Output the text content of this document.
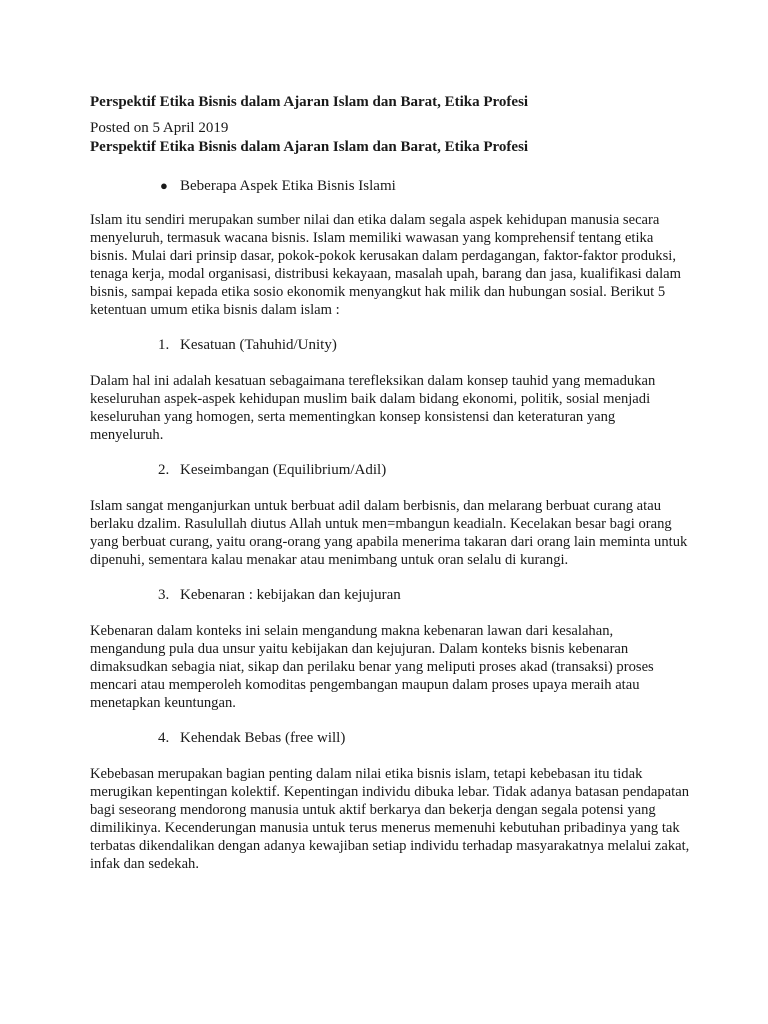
Perspektif Etika Bisnis dalam Ajaran Islam dan Barat, Etika Profesi

Posted on 5 April 2019

Perspektif Etika Bisnis dalam Ajaran Islam dan Barat, Etika Profesi
● Beberapa Aspek Etika Bisnis Islami

Islam itu sendiri merupakan sumber nilai dan etika dalam segala aspek kehidupan manusia secara menyeluruh, termasuk wacana bisnis. Islam memiliki wawasan yang komprehensif tentang etika bisnis. Mulai dari prinsip dasar, pokok-pokok kerusakan dalam perdagangan, faktor-faktor produksi, tenaga kerja, modal organisasi, distribusi kekayaan, masalah upah, barang dan jasa, kualifikasi dalam bisnis, sampai kepada etika sosio ekonomik menyangkut hak milik dan hubungan sosial. Berikut 5 ketentuan umum etika bisnis dalam islam :

1. Kesatuan (Tahuhid/Unity)

Dalam hal ini adalah kesatuan sebagaimana terefleksikan dalam konsep tauhid yang memadukan keseluruhan aspek-aspek kehidupan muslim baik dalam bidang ekonomi, politik, sosial menjadi keseluruhan yang homogen, serta mementingkan konsep konsistensi dan keteraturan yang menyeluruh.

2. Keseimbangan (Equilibrium/Adil)

Islam sangat menganjurkan untuk berbuat adil dalam berbisnis, dan melarang berbuat curang atau berlaku dzalim. Rasulullah diutus Allah untuk men=mbangun keadialn. Kecelakan besar bagi orang yang berbuat curang, yaitu orang-orang yang apabila menerima takaran dari orang lain meminta untuk dipenuhi, sementara kalau menakar atau menimbang untuk oran selalu di kurangi.

3. Kebenaran : kebijakan dan kejujuran

Kebenaran dalam konteks ini selain mengandung makna kebenaran lawan dari kesalahan, mengandung pula dua unsur yaitu kebijakan dan kejujuran. Dalam konteks bisnis kebenaran dimaksudkan sebagia niat, sikap dan perilaku benar yang meliputi proses akad (transaksi) proses mencari atau memperoleh komoditas pengembangan maupun dalam proses upaya meraih atau menetapkan keuntungan.

4. Kehendak Bebas (free will)

Kebebasan merupakan bagian penting dalam nilai etika bisnis islam, tetapi kebebasan itu tidak merugikan kepentingan kolektif. Kepentingan individu dibuka lebar. Tidak adanya batasan pendapatan bagi seseorang mendorong manusia untuk aktif berkarya dan bekerja dengan segala potensi yang dimilikinya. Kecenderungan manusia untuk terus menerus memenuhi kebutuhan pribadinya yang tak terbatas dikendalikan dengan adanya kewajiban setiap individu terhadap masyarakatnya melalui zakat, infak dan sedekah.
